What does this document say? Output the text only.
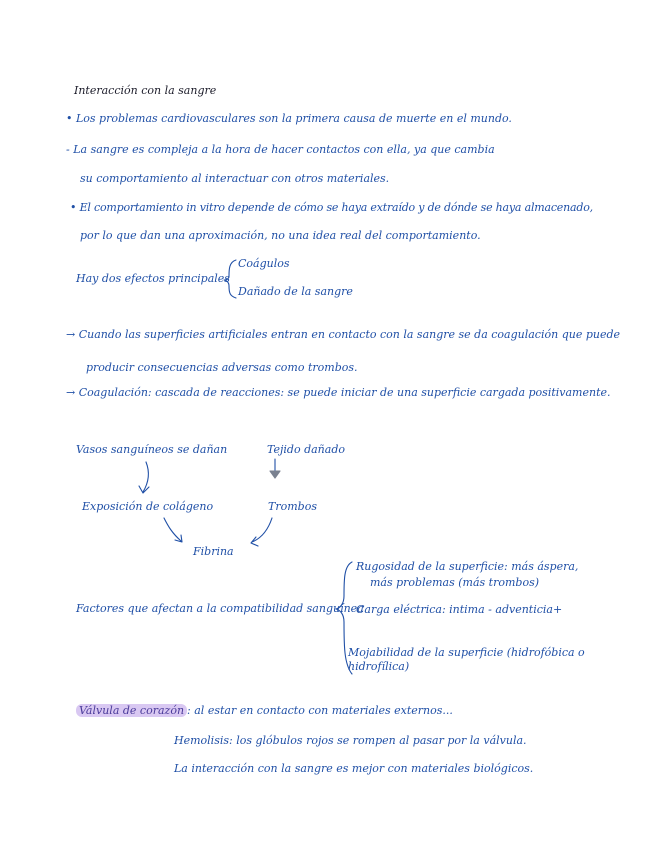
Interacción con la sangre
• Los problemas cardiovasculares son la primera causa de muerte en el mundo.
- La sangre es compleja a la hora de hacer contactos con ella, ya que cambia
su comportamiento al interactuar con otros materiales.
• El comportamiento in vitro depende de cómo se haya extraído y de dónde se haya almacenado,
por lo que dan una aproximación, no una idea real del comportamiento.
Hay dos efectos principales
Coágulos
Dañado de la sangre
→ Cuando las superficies artificiales entran en contacto con la sangre se da coagulación que puede
producir consecuencias adversas como trombos.
→ Coagulación: cascada de reacciones: se puede iniciar de una superficie cargada positivamente.
Vasos sanguíneos se dañan	Tejido dañado
Exposición de colágeno	Trombos
Fibrina
Factores que afectan a la compatibilidad sanguínea
Rugosidad de la superficie: más áspera,
más problemas (más trombos)
Carga eléctrica: intima - adventicia+
Mojabilidad de la superficie (hidrofóbica o
hidrofílica)
Válvula de corazón : al estar en contacto con materiales externos...
Hemolisis: los glóbulos rojos se rompen al pasar por la válvula.
La interacción con la sangre es mejor con materiales biológicos.
